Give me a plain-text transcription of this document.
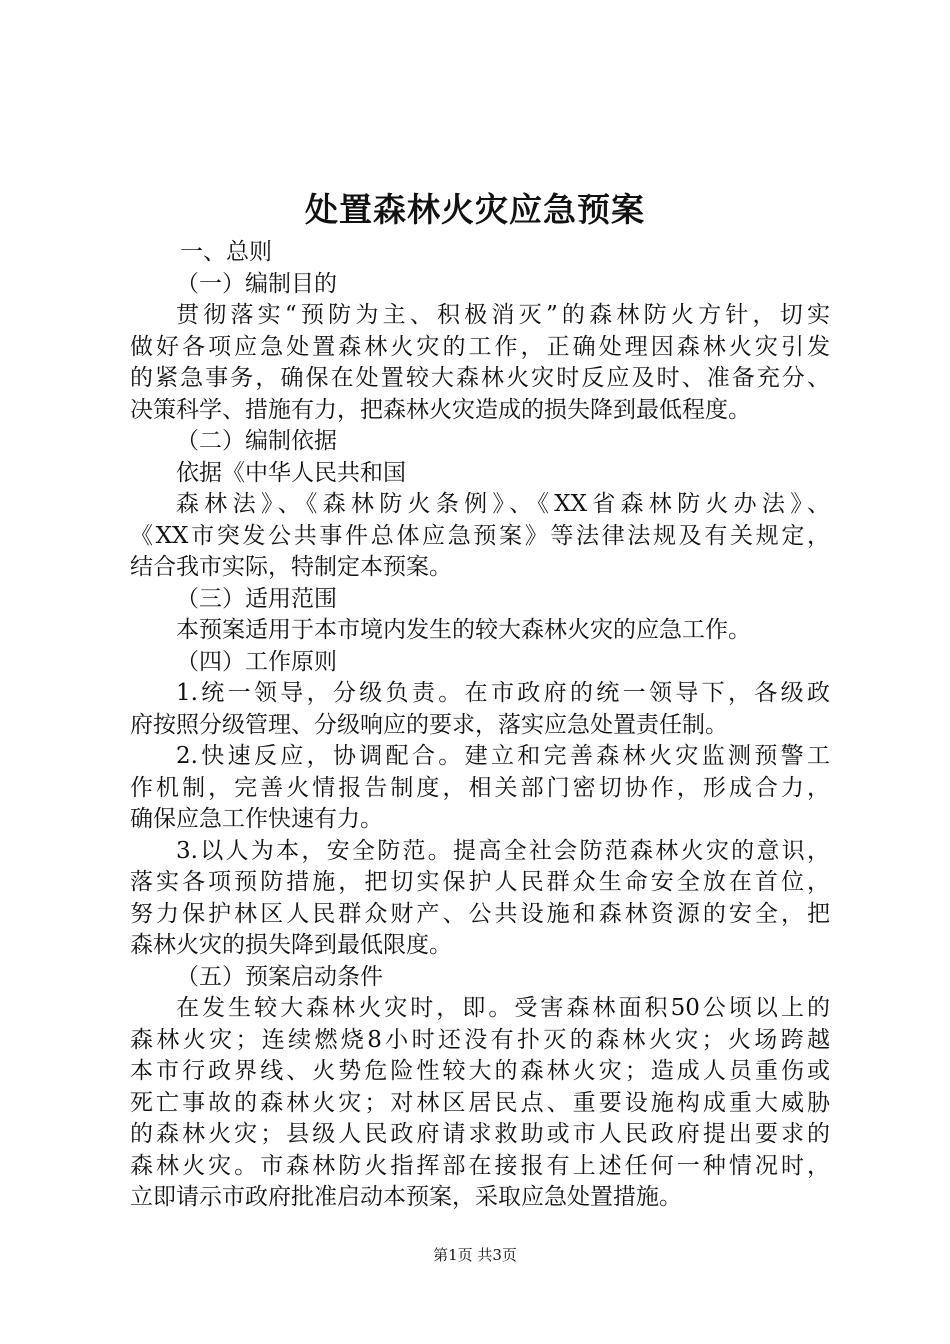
处置森林火灾应急预案
一、总则
（一）编制目的
贯彻落实“预防为主、积极消灭”的森林防火方针，切实
做好各项应急处置森林火灾的工作，正确处理因森林火灾引发
的紧急事务，确保在处置较大森林火灾时反应及时、准备充分、
决策科学、措施有力，把森林火灾造成的损失降到最低程度。
（二）编制依据
依据《中华人民共和国
森林法》、《森林防火条例》、《XX省森林防火办法》、
《XX市突发公共事件总体应急预案》等法律法规及有关规定，
结合我市实际，特制定本预案。
（三）适用范围
本预案适用于本市境内发生的较大森林火灾的应急工作。
（四）工作原则
1.统一领导，分级负责。在市政府的统一领导下，各级政
府按照分级管理、分级响应的要求，落实应急处置责任制。
2.快速反应，协调配合。建立和完善森林火灾监测预警工
作机制，完善火情报告制度，相关部门密切协作，形成合力，
确保应急工作快速有力。
3.以人为本，安全防范。提高全社会防范森林火灾的意识，
落实各项预防措施，把切实保护人民群众生命安全放在首位，
努力保护林区人民群众财产、公共设施和森林资源的安全，把
森林火灾的损失降到最低限度。
（五）预案启动条件
在发生较大森林火灾时，即。受害森林面积50公顷以上的
森林火灾；连续燃烧8小时还没有扑灭的森林火灾；火场跨越
本市行政界线、火势危险性较大的森林火灾；造成人员重伤或
死亡事故的森林火灾；对林区居民点、重要设施构成重大威胁
的森林火灾；县级人民政府请求救助或市人民政府提出要求的
森林火灾。市森林防火指挥部在接报有上述任何一种情况时，
立即请示市政府批准启动本预案，采取应急处置措施。
第1页 共3页
